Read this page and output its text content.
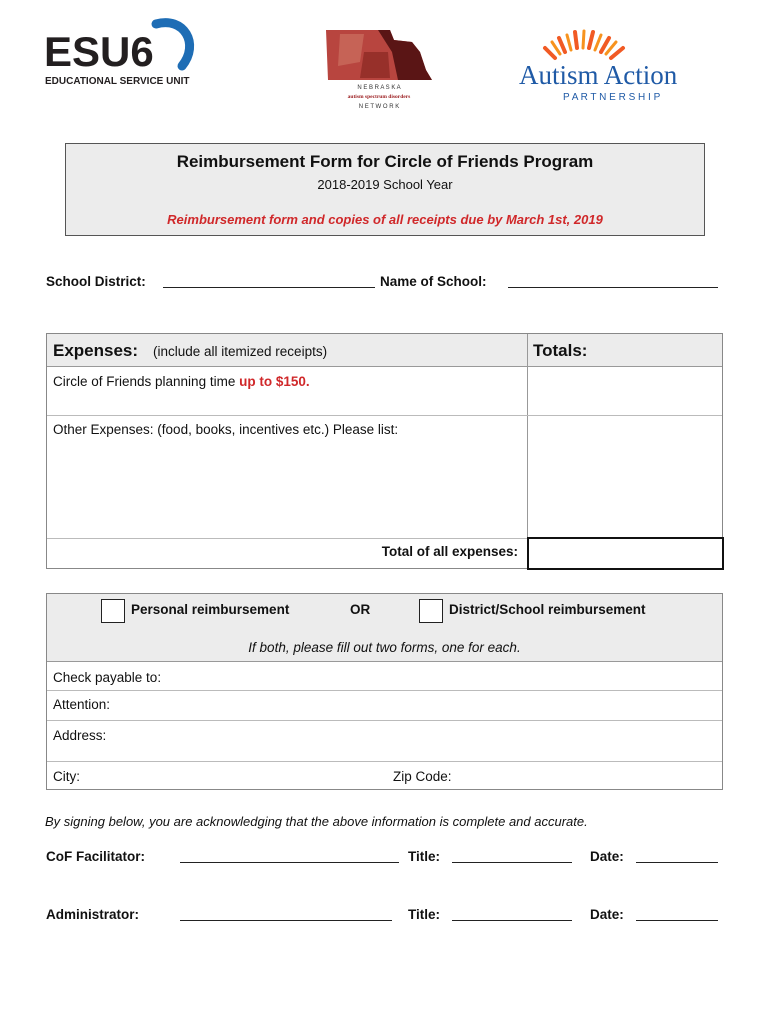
ESU6
EDUCATIONAL SERVICE UNIT
N E B R A S K A
autism spectrum disorders
N E T W O R K
Autism Action
P A R T N E R S H I P
Reimbursement Form for Circle of Friends Program
2018-2019 School Year
Reimbursement form and copies of all receipts due by March 1st, 2019
School District:	Name of School:
Expenses: (include all itemized receipts)	Totals:
Circle of Friends planning time up to $150.
Other Expenses: (food, books, incentives etc.) Please list:
Total of all expenses:
Personal reimbursement	OR	District/School reimbursement
If both, please fill out two forms, one for each.
Check payable to:
Attention:
Address:
City:	Zip Code:
By signing below, you are acknowledging that the above information is complete and accurate.
CoF Facilitator:	Title:	Date:
Administrator:	Title:	Date:
